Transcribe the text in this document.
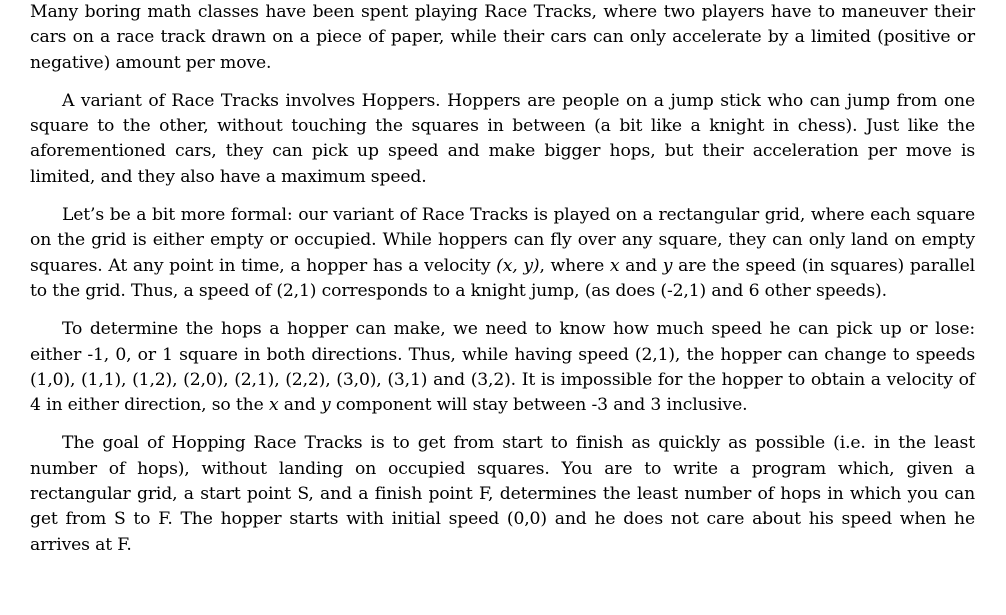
Many boring math classes have been spent playing Race Tracks, where two players have to maneuver their cars on a race track drawn on a piece of paper, while their cars can only accelerate by a limited (positive or negative) amount per move.

A variant of Race Tracks involves Hoppers. Hoppers are people on a jump stick who can jump from one square to the other, without touching the squares in between (a bit like a knight in chess). Just like the aforementioned cars, they can pick up speed and make bigger hops, but their acceleration per move is limited, and they also have a maximum speed.

Let’s be a bit more formal: our variant of Race Tracks is played on a rectangular grid, where each square on the grid is either empty or occupied. While hoppers can fly over any square, they can only land on empty squares. At any point in time, a hopper has a velocity (x, y), where x and y are the speed (in squares) parallel to the grid. Thus, a speed of (2,1) corresponds to a knight jump, (as does (-2,1) and 6 other speeds).

To determine the hops a hopper can make, we need to know how much speed he can pick up or lose: either -1, 0, or 1 square in both directions. Thus, while having speed (2,1), the hopper can change to speeds (1,0), (1,1), (1,2), (2,0), (2,1), (2,2), (3,0), (3,1) and (3,2). It is impossible for the hopper to obtain a velocity of 4 in either direction, so the x and y component will stay between -3 and 3 inclusive.

The goal of Hopping Race Tracks is to get from start to finish as quickly as possible (i.e. in the least number of hops), without landing on occupied squares. You are to write a program which, given a rectangular grid, a start point S, and a finish point F, determines the least number of hops in which you can get from S to F. The hopper starts with initial speed (0,0) and he does not care about his speed when he arrives at F.
